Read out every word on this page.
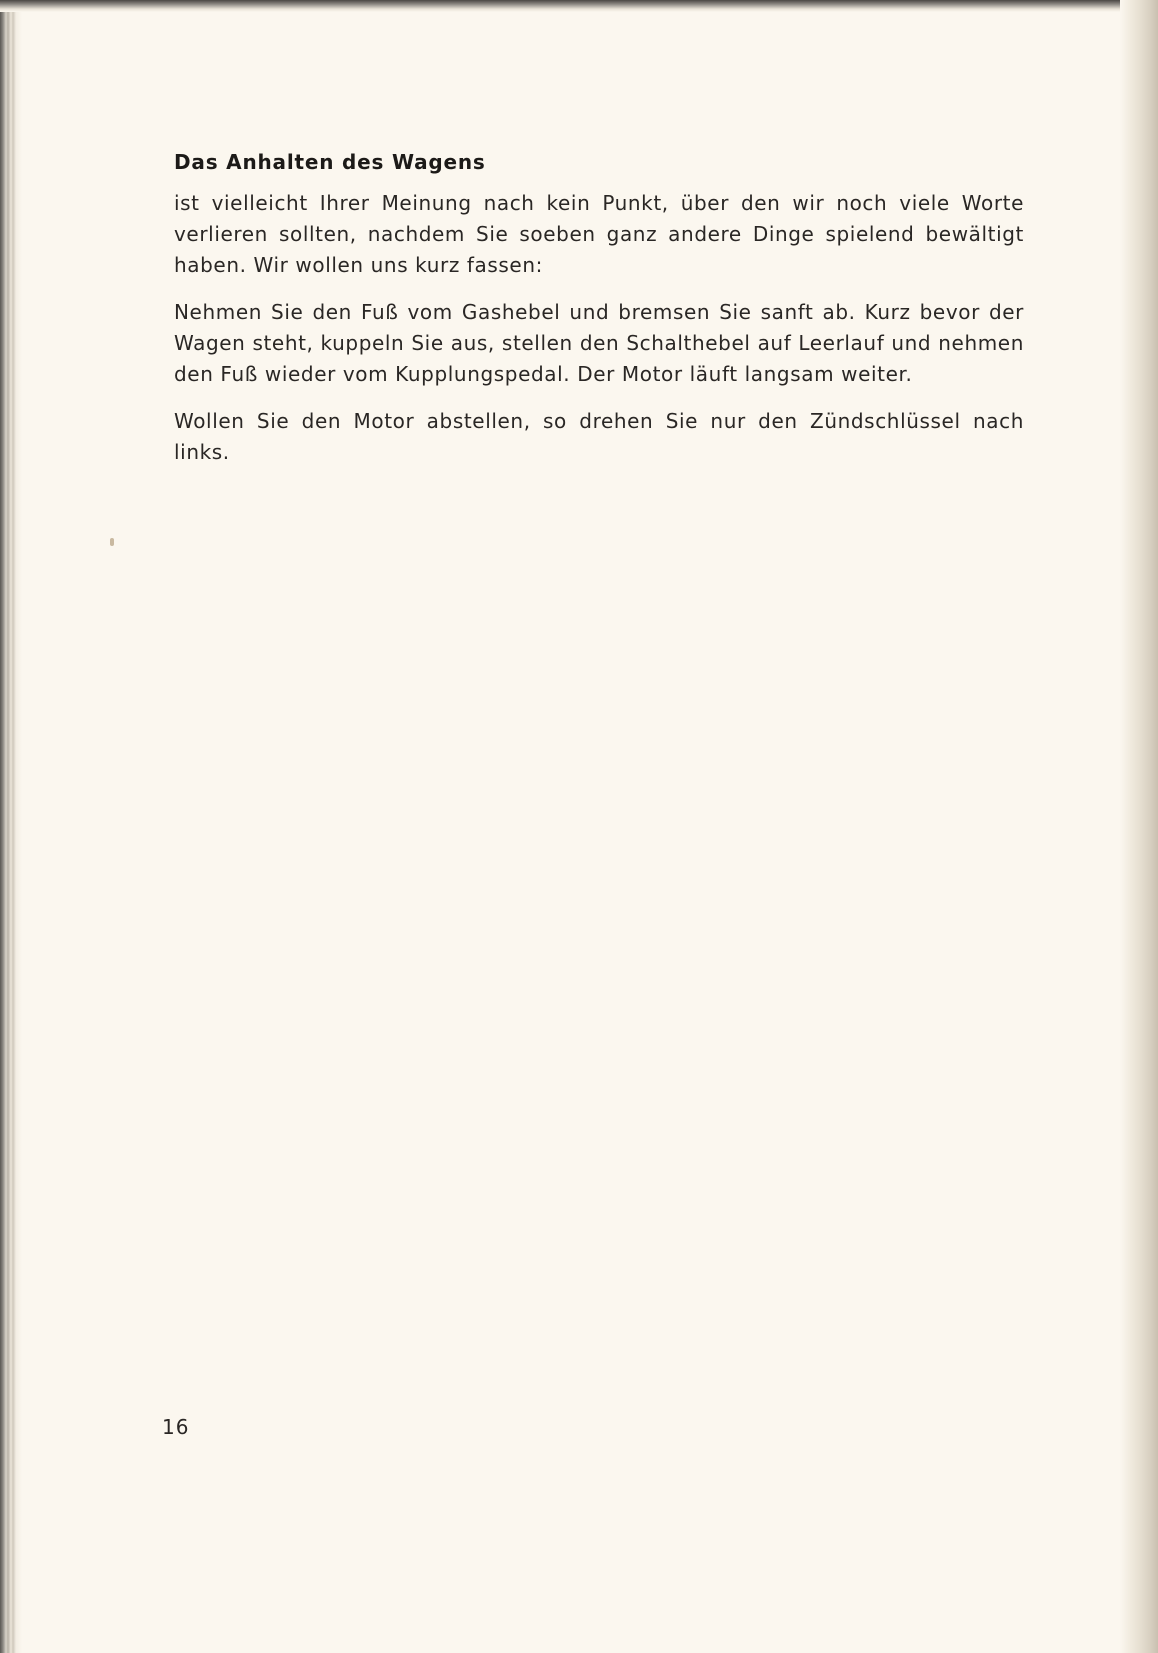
Das Anhalten des Wagens

ist vielleicht Ihrer Meinung nach kein Punkt, über den wir noch viele Worte verlieren sollten, nachdem Sie soeben ganz andere Dinge spielend bewältigt haben. Wir wollen uns kurz fassen:

Nehmen Sie den Fuß vom Gashebel und bremsen Sie sanft ab. Kurz bevor der Wagen steht, kuppeln Sie aus, stellen den Schalthebel auf Leerlauf und nehmen den Fuß wieder vom Kupplungspedal. Der Motor läuft langsam weiter.

Wollen Sie den Motor abstellen, so drehen Sie nur den Zündschlüssel nach links.

16
